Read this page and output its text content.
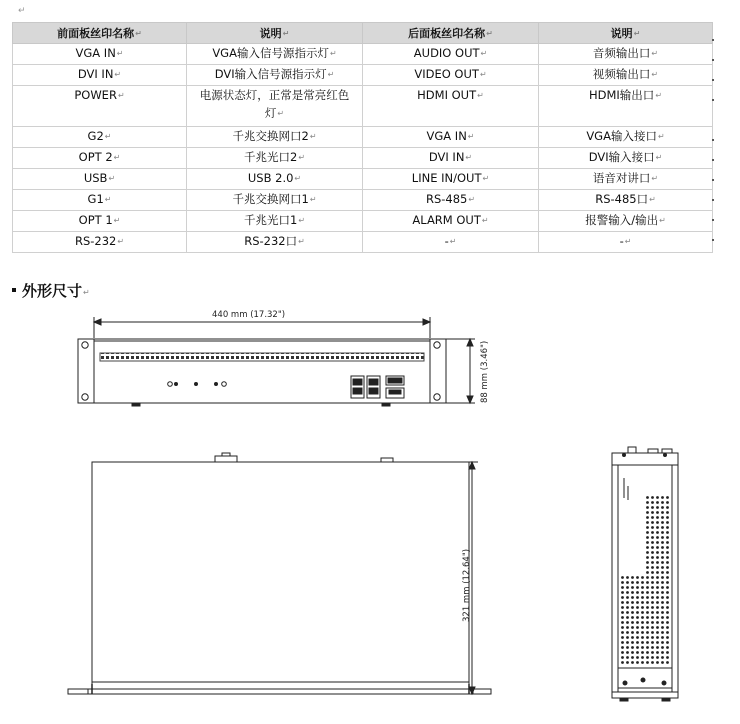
↵
前面板丝印名称↵	说明↵	后面板丝印名称↵	说明↵
VGA IN↵	VGA输入信号源指示灯↵	AUDIO OUT↵	音频输出口↵
DVI IN↵	DVI输入信号源指示灯↵	VIDEO OUT↵	视频输出口↵
POWER↵	电源状态灯，正常是常亮红色灯↵	HDMI OUT↵	HDMI输出口↵
G2↵	千兆交换网口2↵	VGA IN↵	VGA输入接口↵
OPT 2↵	千兆光口2↵	DVI IN↵	DVI输入接口↵
USB↵	USB 2.0↵	LINE IN/OUT↵	语音对讲口↵
G1↵	千兆交换网口1↵	RS-485↵	RS-485口↵
OPT 1↵	千兆光口1↵	ALARM OUT↵	报警输入/输出↵
RS-232↵	RS-232口↵	-↵	-↵
外形尺寸↵
440 mm (17.32")
88 mm (3.46")
321 mm (12.64")
